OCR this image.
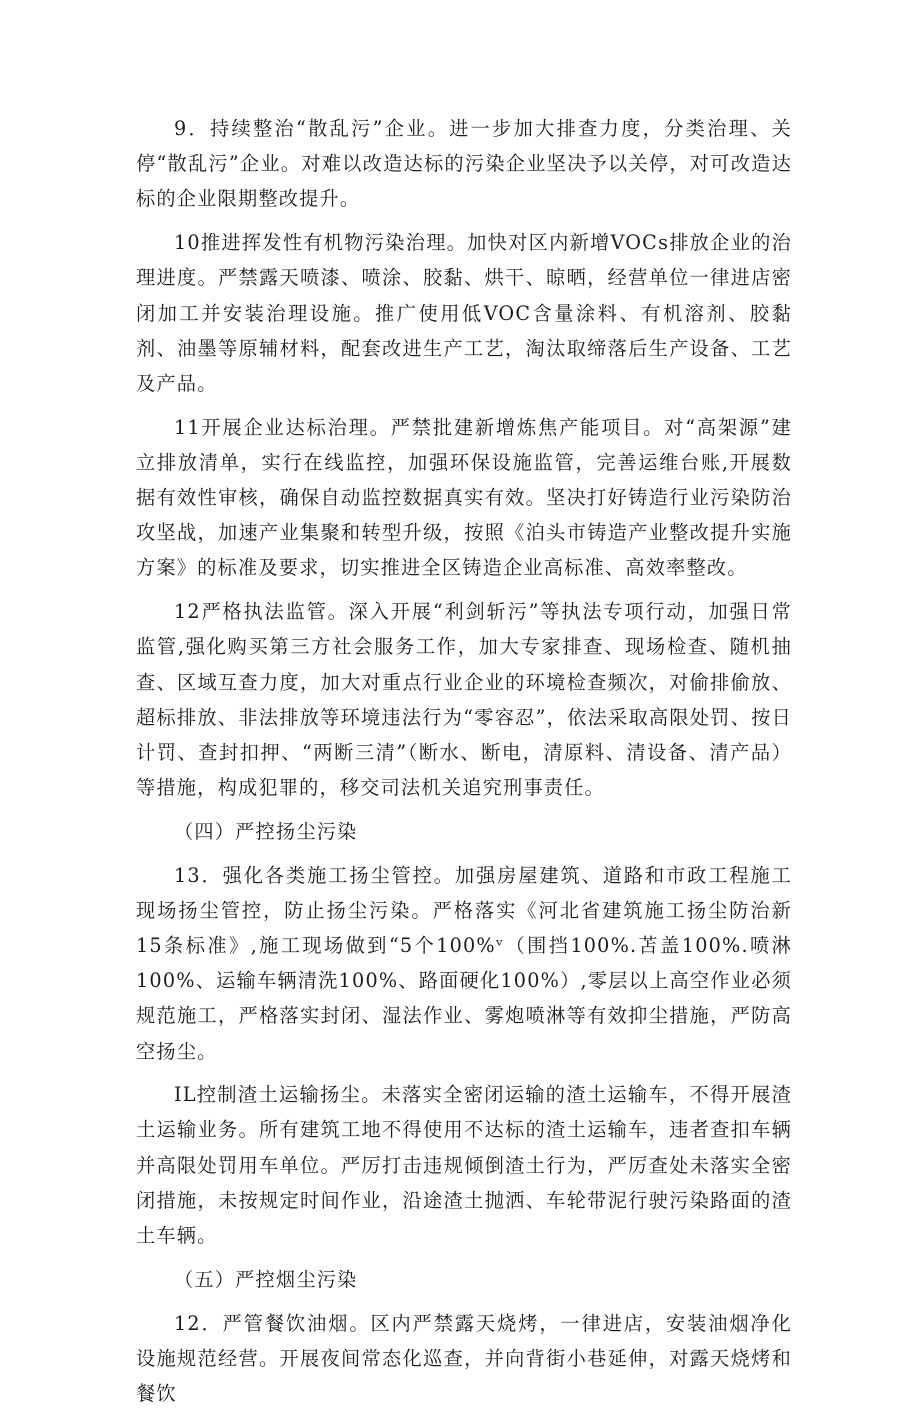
9．持续整治“散乱污”企业。进一步加大排查力度，分类治理、关停“散乱污”企业。对难以改造达标的污染企业坚决予以关停，对可改造达标的企业限期整改提升。

10推进挥发性有机物污染治理。加快对区内新增VOCs排放企业的治理进度。严禁露天喷漆、喷涂、胶黏、烘干、晾晒，经营单位一律进店密闭加工并安装治理设施。推广使用低VOC含量涂料、有机溶剂、胶黏剂、油墨等原辅材料，配套改进生产工艺，淘汰取缔落后生产设备、工艺及产品。

11开展企业达标治理。严禁批建新增炼焦产能项目。对“高架源”建立排放清单，实行在线监控，加强环保设施监管，完善运维台账,开展数据有效性审核，确保自动监控数据真实有效。坚决打好铸造行业污染防治攻坚战，加速产业集聚和转型升级，按照《泊头市铸造产业整改提升实施方案》的标准及要求，切实推进全区铸造企业高标准、高效率整改。

12严格执法监管。深入开展“利剑斩污”等执法专项行动，加强日常监管,强化购买第三方社会服务工作，加大专家排查、现场检查、随机抽查、区域互查力度，加大对重点行业企业的环境检查频次，对偷排偷放、超标排放、非法排放等环境违法行为“零容忍”，依法采取高限处罚、按日计罚、查封扣押、“两断三清”（断水、断电，清原料、清设备、清产品）等措施，构成犯罪的，移交司法机关追究刑事责任。

（四）严控扬尘污染

13．强化各类施工扬尘管控。加强房屋建筑、道路和市政工程施工现场扬尘管控，防止扬尘污染。严格落实《河北省建筑施工扬尘防治新15条标准》,施工现场做到“5个100%ᵛ（围挡100%.苫盖100%.喷淋100%、运输车辆清洗100%、路面硬化100%）,零层以上高空作业必须规范施工，严格落实封闭、湿法作业、雾炮喷淋等有效抑尘措施，严防高空扬尘。

IL控制渣土运输扬尘。未落实全密闭运输的渣土运输车，不得开展渣土运输业务。所有建筑工地不得使用不达标的渣土运输车，违者查扣车辆并高限处罚用车单位。严厉打击违规倾倒渣土行为，严厉查处未落实全密闭措施，未按规定时间作业，沿途渣土抛洒、车轮带泥行驶污染路面的渣土车辆。

（五）严控烟尘污染

12．严管餐饮油烟。区内严禁露天烧烤，一律进店，安装油烟净化设施规范经营。开展夜间常态化巡查，并向背街小巷延伸，对露天烧烤和餐饮
